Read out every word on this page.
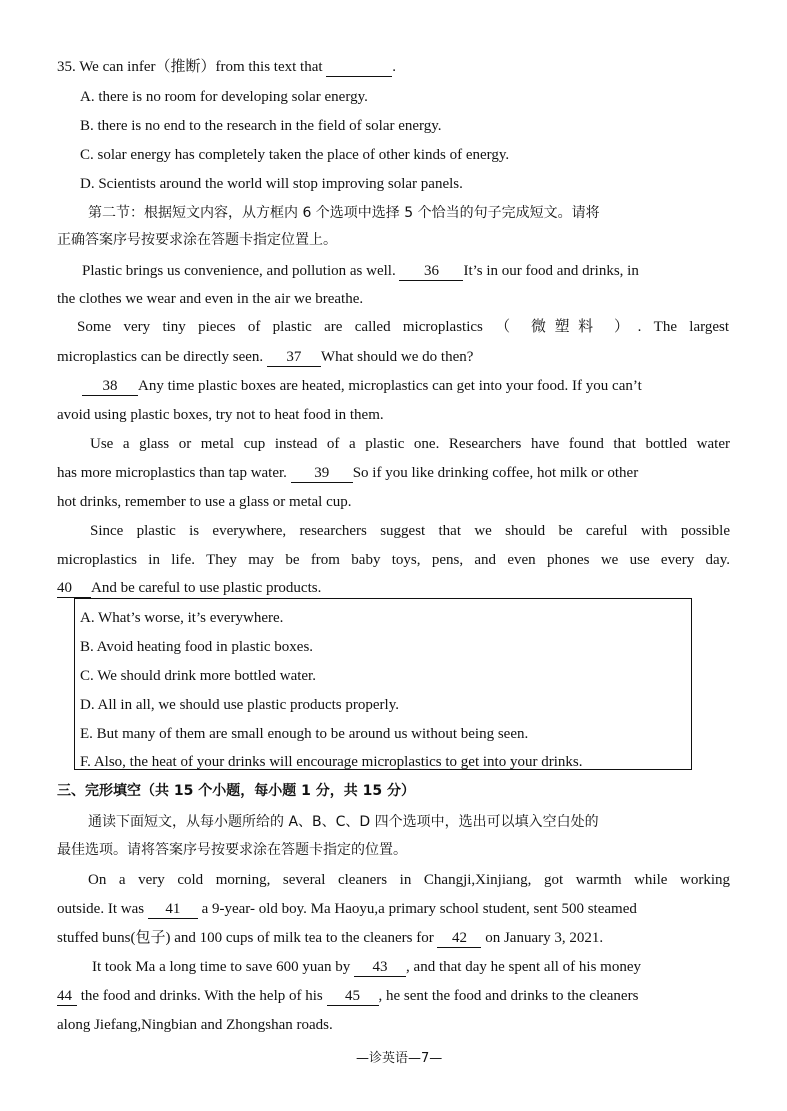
35. We can infer（推断）from this text that	.
A. there is no room for developing solar energy.
B. there is no end to the research in the field of solar energy.
C. solar energy has completely taken the place of other kinds of energy.
D. Scientists around the world will stop improving solar panels.
第二节：根据短文内容，从方框内 6 个选项中选择 5 个恰当的句子完成短文。请将
正确答案序号按要求涂在答题卡指定位置上。
Plastic brings us convenience, and pollution as well. 36 It’s in our food and drinks, in
the clothes we wear and even in the air we breathe.
Some very tiny pieces of plastic are called microplastics （ 微塑料 ）. The largest
microplastics can be directly seen. 37 What should we do then?
38 Any time plastic boxes are heated, microplastics can get into your food. If you can’t
avoid using plastic boxes, try not to heat food in them.
Use a glass or metal cup instead of a plastic one. Researchers have found that bottled water
has more microplastics than tap water. 39 So if you like drinking coffee, hot milk or other
hot drinks, remember to use a glass or metal cup.
Since plastic is everywhere, researchers suggest that we should be careful with possible
microplastics in life. They may be from baby toys, pens, and even phones we use every day.
40 And be careful to use plastic products.
A. What’s worse, it’s everywhere.
B. Avoid heating food in plastic boxes.
C. We should drink more bottled water.
D. All in all, we should use plastic products properly.
E. But many of them are small enough to be around us without being seen.
F. Also, the heat of your drinks will encourage microplastics to get into your drinks.
三、完形填空（共 15 个小题，每小题 1 分，共 15 分）
通读下面短文，从每小题所给的 A、B、C、D 四个选项中，选出可以填入空白处的
最佳选项。请将答案序号按要求涂在答题卡指定的位置。
On a very cold morning, several cleaners in Changji,Xinjiang, got warmth while working
outside. It was 41 a 9-year- old boy. Ma Haoyu,a primary school student, sent 500 steamed
stuffed buns(包子) and 100 cups of milk tea to the cleaners for 42 on January 3, 2021.
It took Ma a long time to save 600 yuan by 43 , and that day he spent all of his money
44 the food and drinks. With the help of his 45 , he sent the food and drinks to the cleaners
along Jiefang,Ningbian and Zhongshan roads.
—诊英语—7—
